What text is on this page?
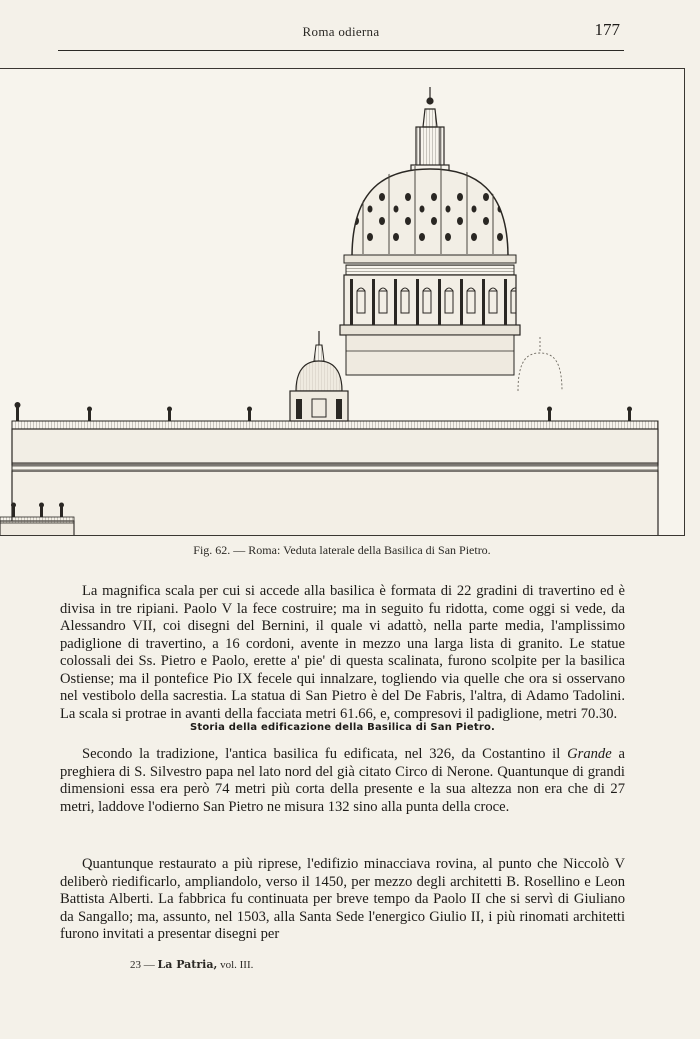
Roma odierna	177
Fig. 62. — Roma: Veduta laterale della Basilica di San Pietro.

La magnifica scala per cui si accede alla basilica è formata di 22 gradini di travertino ed è divisa in tre ripiani. Paolo V la fece costruire; ma in seguito fu ridotta, come oggi si vede, da Alessandro VII, coi disegni del Bernini, il quale vi adattò, nella parte media, l'amplissimo padiglione di travertino, a 16 cordoni, avente in mezzo una larga lista di granito. Le statue colossali dei Ss. Pietro e Paolo, erette a' pie' di questa scalinata, furono scolpite per la basilica Ostiense; ma il pontefice Pio IX fecele qui innalzare, togliendo via quelle che ora si osservano nel vestibolo della sacrestia. La statua di San Pietro è del De Fabris, l'altra, di Adamo Tadolini. La scala si protrae in avanti della facciata metri 61.66, e, compresovi il padiglione, metri 70.30.

Storia della edificazione della Basilica di San Pietro.

Secondo la tradizione, l'antica basilica fu edificata, nel 326, da Costantino il Grande a preghiera di S. Silvestro papa nel lato nord del già citato Circo di Nerone. Quantunque di grandi dimensioni essa era però 74 metri più corta della presente e la sua altezza non era che di 27 metri, laddove l'odierno San Pietro ne misura 132 sino alla punta della croce.

Quantunque restaurato a più riprese, l'edifizio minacciava rovina, al punto che Niccolò V deliberò riedificarlo, ampliandolo, verso il 1450, per mezzo degli architetti B. Rosellino e Leon Battista Alberti. La fabbrica fu continuata per breve tempo da Paolo II che si servì di Giuliano da Sangallo; ma, assunto, nel 1503, alla Santa Sede l'energico Giulio II, i più rinomati architetti furono invitati a presentar disegni per

23 — La Patria, vol. III.
